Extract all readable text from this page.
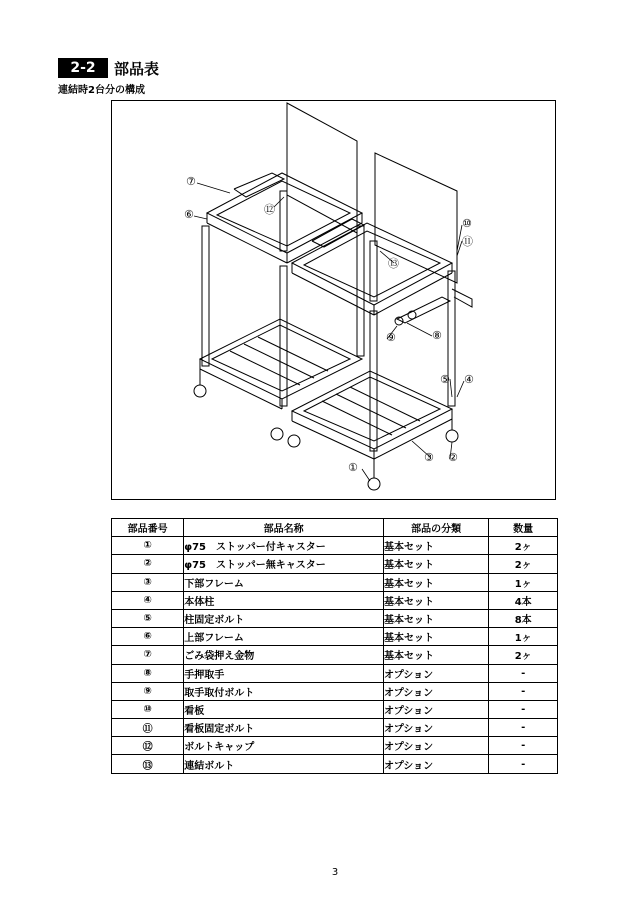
2-2	部品表
連結時2台分の構成
⑦
⑥	⑫
⑩
⑪
⑬
⑧
⑨
⑤ ④
③ ②
①
部品番号	部品名称	部品の分類	数量
①	φ75　ストッパー付キャスター	基本セット	2ヶ
②	φ75　ストッパー無キャスター	基本セット	2ヶ
③	下部フレーム	基本セット	1ヶ
④	本体柱	基本セット	4本
⑤	柱固定ボルト	基本セット	8本
⑥	上部フレーム	基本セット	1ヶ
⑦	ごみ袋押え金物	基本セット	2ヶ
⑧	手押取手	オプション	-
⑨	取手取付ボルト	オプション	-
⑩	看板	オプション	-
⑪	看板固定ボルト	オプション	-
⑫	ボルトキャップ	オプション	-
⑬	連結ボルト	オプション	-
3
